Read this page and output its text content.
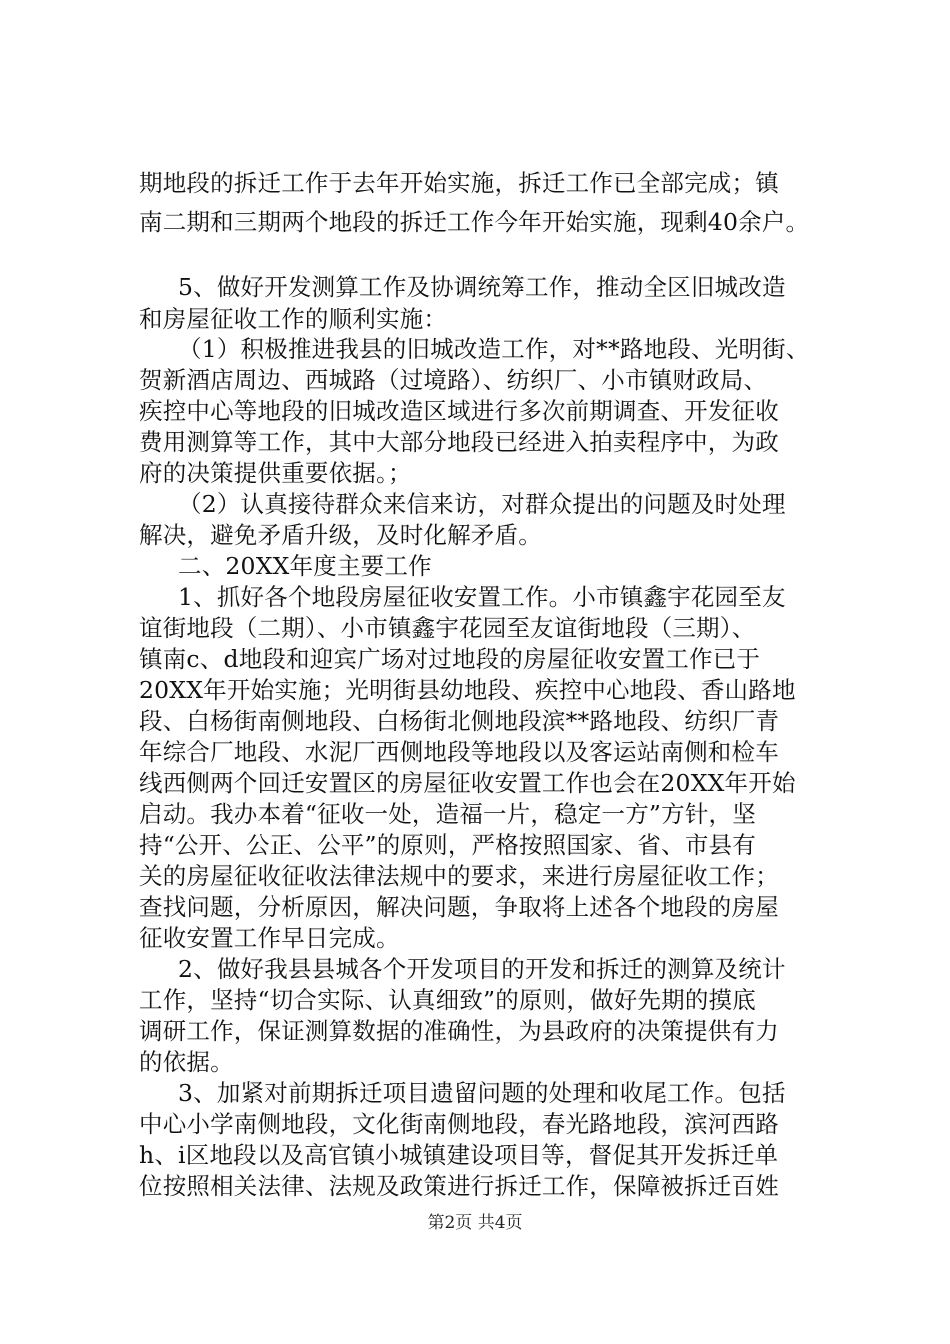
期地段的拆迁工作于去年开始实施，拆迁工作已全部完成；镇
南二期和三期两个地段的拆迁工作今年开始实施，现剩40余户。
5、做好开发测算工作及协调统筹工作，推动全区旧城改造
和房屋征收工作的顺利实施：
（1）积极推进我县的旧城改造工作，对**路地段、光明街、
贺新酒店周边、西城路（过境路）、纺织厂、小市镇财政局、
疾控中心等地段的旧城改造区域进行多次前期调查、开发征收
费用测算等工作，其中大部分地段已经进入拍卖程序中，为政
府的决策提供重要依据。；
（2）认真接待群众来信来访，对群众提出的问题及时处理
解决，避免矛盾升级，及时化解矛盾。
二、20XX年度主要工作
1、抓好各个地段房屋征收安置工作。小市镇鑫宇花园至友
谊街地段（二期）、小市镇鑫宇花园至友谊街地段（三期）、
镇南c、d地段和迎宾广场对过地段的房屋征收安置工作已于
20XX年开始实施；光明街县幼地段、疾控中心地段、香山路地
段、白杨街南侧地段、白杨街北侧地段滨**路地段、纺织厂青
年综合厂地段、水泥厂西侧地段等地段以及客运站南侧和检车
线西侧两个回迁安置区的房屋征收安置工作也会在20XX年开始
启动。我办本着“征收一处，造福一片，稳定一方”方针，坚
持“公开、公正、公平”的原则，严格按照国家、省、市县有
关的房屋征收征收法律法规中的要求，来进行房屋征收工作；
查找问题，分析原因，解决问题，争取将上述各个地段的房屋
征收安置工作早日完成。
2、做好我县县城各个开发项目的开发和拆迁的测算及统计
工作，坚持“切合实际、认真细致”的原则，做好先期的摸底
调研工作，保证测算数据的准确性，为县政府的决策提供有力
的依据。
3、加紧对前期拆迁项目遗留问题的处理和收尾工作。包括
中心小学南侧地段，文化街南侧地段，春光路地段，滨河西路
h、i区地段以及高官镇小城镇建设项目等，督促其开发拆迁单
位按照相关法律、法规及政策进行拆迁工作，保障被拆迁百姓
第2页 共4页
